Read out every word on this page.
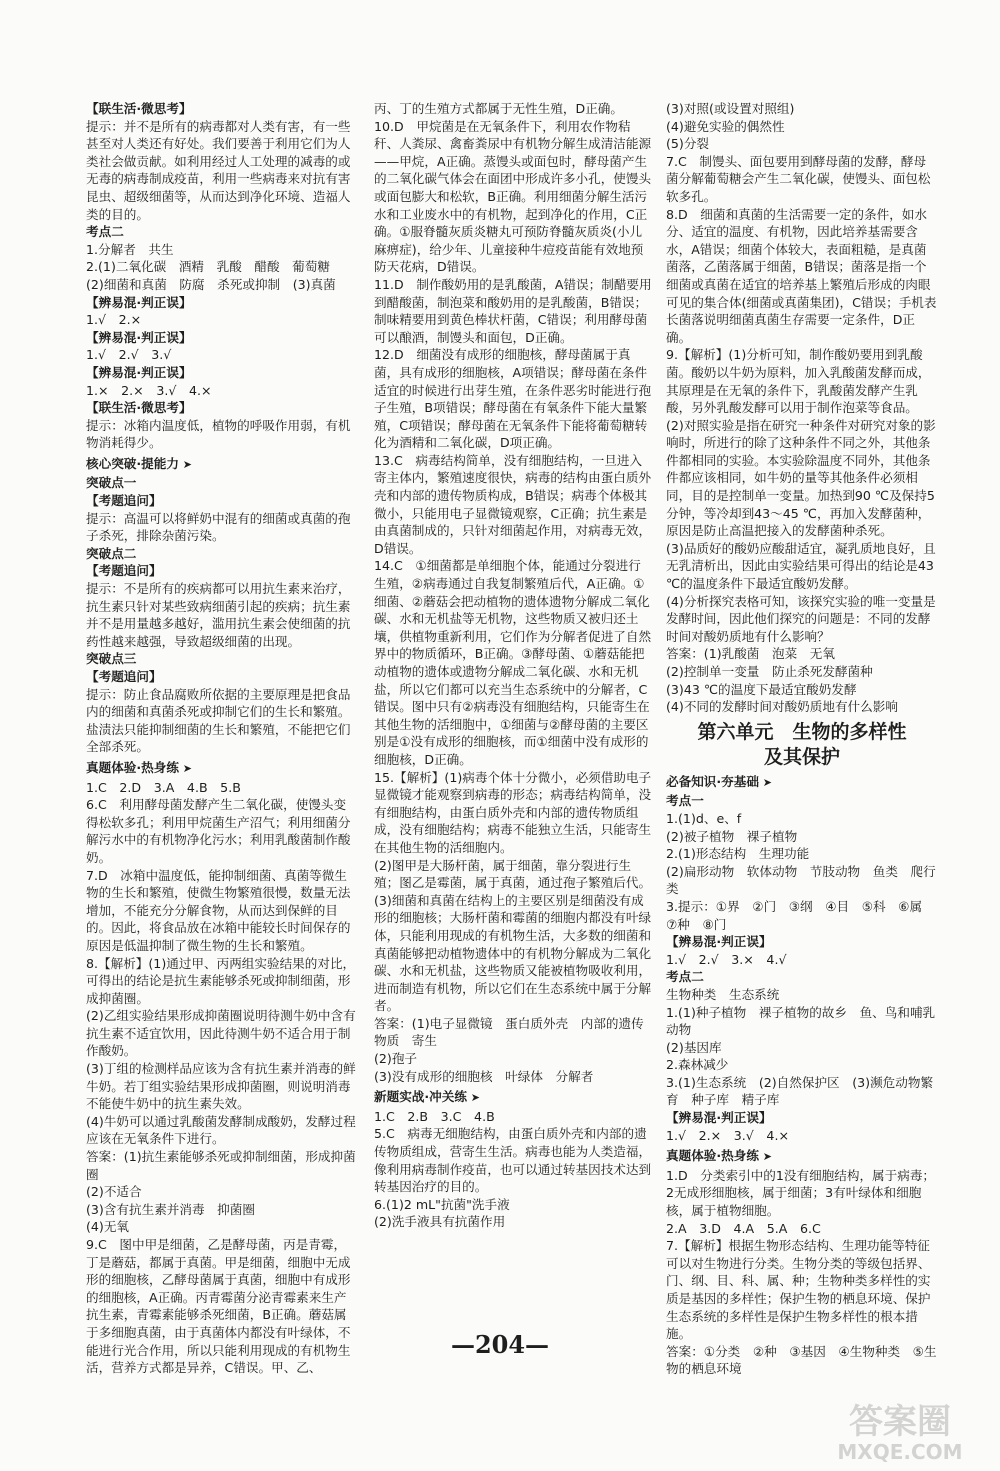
【联生活·微思考】
提示：并不是所有的病毒都对人类有害，有一些甚至对人类还有好处。我们要善于利用它们为人类社会做贡献。如利用经过人工处理的减毒的或无毒的病毒制成疫苗，利用一些病毒来对抗有害昆虫、超级细菌等，从而达到净化环境、造福人类的目的。
考点二
1.分解者　共生
2.(1)二氧化碳　酒精　乳酸　醋酸　葡萄糖　(2)细菌和真菌　防腐　杀死或抑制　(3)真菌
【辨易混·判正误】
1.√　2.×
【辨易混·判正误】
1.√　2.√　3.√
【辨易混·判正误】
1.×　2.×　3.√　4.×
【联生活·微思考】
提示：冰箱内温度低，植物的呼吸作用弱，有机物消耗得少。
核心突破·提能力 ➤
突破点一
【考题追问】
提示：高温可以将鲜奶中混有的细菌或真菌的孢子杀死，排除杂菌污染。
突破点二
【考题追问】
提示：不是所有的疾病都可以用抗生素来治疗，抗生素只针对某些致病细菌引起的疾病；抗生素并不是用量越多越好，滥用抗生素会使细菌的抗药性越来越强，导致超级细菌的出现。
突破点三
【考题追问】
提示：防止食品腐败所依据的主要原理是把食品内的细菌和真菌杀死或抑制它们的生长和繁殖。盐渍法只能抑制细菌的生长和繁殖，不能把它们全部杀死。
真题体验·热身练 ➤
1.C　2.D　3.A　4.B　5.B
6.C　利用酵母菌发酵产生二氧化碳，使馒头变得松软多孔；利用甲烷菌生产沼气；利用细菌分解污水中的有机物净化污水；利用乳酸菌制作酸奶。
7.D　冰箱中温度低，能抑制细菌、真菌等微生物的生长和繁殖，使微生物繁殖很慢，数量无法增加，不能充分分解食物，从而达到保鲜的目的。因此，将食品放在冰箱中能较长时间保存的原因是低温抑制了微生物的生长和繁殖。
8.【解析】(1)通过甲、丙两组实验结果的对比，可得出的结论是抗生素能够杀死或抑制细菌，形成抑菌圈。
(2)乙组实验结果形成抑菌圈说明待测牛奶中含有抗生素不适宜饮用，因此待测牛奶不适合用于制作酸奶。
(3)丁组的检测样品应该为含有抗生素并消毒的鲜牛奶。若丁组实验结果形成抑菌圈，则说明消毒不能使牛奶中的抗生素失效。
(4)牛奶可以通过乳酸菌发酵制成酸奶，发酵过程应该在无氧条件下进行。
答案：(1)抗生素能够杀死或抑制细菌，形成抑菌圈
(2)不适合
(3)含有抗生素并消毒　抑菌圈
(4)无氧
9.C　图中甲是细菌，乙是酵母菌，丙是青霉，丁是蘑菇，都属于真菌。甲是细菌，细胞中无成形的细胞核，乙酵母菌属于真菌，细胞中有成形的细胞核，A正确。丙青霉菌分泌青霉素来生产抗生素，青霉素能够杀死细菌，B正确。蘑菇属于多细胞真菌，由于真菌体内都没有叶绿体，不能进行光合作用，所以只能利用现成的有机物生活，营养方式都是异养，C错误。甲、乙、
丙、丁的生殖方式都属于无性生殖，D正确。
10.D　甲烷菌是在无氧条件下，利用农作物秸秆、人粪尿、禽畜粪尿中有机物分解生成清洁能源——甲烷，A正确。蒸馒头或面包时，酵母菌产生的二氧化碳气体会在面团中形成许多小孔，使馒头或面包膨大和松软，B正确。利用细菌分解生活污水和工业废水中的有机物，起到净化的作用，C正确。①服脊髓灰质炎糖丸可预防脊髓灰质炎(小儿麻痹症)，给少年、儿童接种牛痘疫苗能有效地预防天花病，D错误。
11.D　制作酸奶用的是乳酸菌，A错误；制醋要用到醋酸菌，制泡菜和酸奶用的是乳酸菌，B错误；制味精要用到黄色棒状杆菌，C错误；利用酵母菌可以酿酒，制馒头和面包，D正确。
12.D　细菌没有成形的细胞核，酵母菌属于真菌，具有成形的细胞核，A项错误；酵母菌在条件适宜的时候进行出芽生殖，在条件恶劣时能进行孢子生殖，B项错误；酵母菌在有氧条件下能大量繁殖，C项错误；酵母菌在无氧条件下能将葡萄糖转化为酒精和二氧化碳，D项正确。
13.C　病毒结构简单，没有细胞结构，一旦进入寄主体内，繁殖速度很快，病毒的结构由蛋白质外壳和内部的遗传物质构成，B错误；病毒个体极其微小，只能用电子显微镜观察，C正确；抗生素是由真菌制成的，只针对细菌起作用，对病毒无效，D错误。
14.C　①细菌都是单细胞个体，能通过分裂进行生殖，②病毒通过自我复制繁殖后代，A正确。①细菌、②蘑菇会把动植物的遗体遗物分解成二氧化碳、水和无机盐等无机物，这些物质又被归还土壤，供植物重新利用，它们作为分解者促进了自然界中的物质循环，B正确。③酵母菌、①蘑菇能把动植物的遗体或遗物分解成二氧化碳、水和无机盐，所以它们都可以充当生态系统中的分解者，C错误。图中只有②病毒没有细胞结构，只能寄生在其他生物的活细胞中，①细菌与②酵母菌的主要区别是①没有成形的细胞核，而①细菌中没有成形的细胞核，D正确。
15.【解析】(1)病毒个体十分微小，必须借助电子显微镜才能观察到病毒的形态；病毒结构简单，没有细胞结构，由蛋白质外壳和内部的遗传物质组成，没有细胞结构；病毒不能独立生活，只能寄生在其他生物的活细胞内。
(2)图甲是大肠杆菌，属于细菌，靠分裂进行生殖；图乙是霉菌，属于真菌，通过孢子繁殖后代。
(3)细菌和真菌在结构上的主要区别是细菌没有成形的细胞核；大肠杆菌和霉菌的细胞内都没有叶绿体，只能利用现成的有机物生活，大多数的细菌和真菌能够把动植物遗体中的有机物分解成为二氧化碳、水和无机盐，这些物质又能被植物吸收利用，进而制造有机物，所以它们在生态系统中属于分解者。
答案：(1)电子显微镜　蛋白质外壳　内部的遗传物质　寄生
(2)孢子
(3)没有成形的细胞核　叶绿体　分解者
新题实战·冲关练 ➤
1.C　2.B　3.C　4.B
5.C　病毒无细胞结构，由蛋白质外壳和内部的遗传物质组成，营寄生生活。病毒也能为人类造福，像利用病毒制作疫苗，也可以通过转基因技术达到转基因治疗的目的。
6.(1)2 mL"抗菌"洗手液
(2)洗手液具有抗菌作用
(3)对照(或设置对照组)
(4)避免实验的偶然性
(5)分裂
7.C　制馒头、面包要用到酵母菌的发酵，酵母菌分解葡萄糖会产生二氧化碳，使馒头、面包松软多孔。
8.D　细菌和真菌的生活需要一定的条件，如水分、适宜的温度、有机物，因此培养基需要含水，A错误；细菌个体较大，表面粗糙，是真菌菌落，乙菌落属于细菌，B错误；菌落是指一个细菌或真菌在适宜的培养基上繁殖后形成的肉眼可见的集合体(细菌或真菌集团)，C错误；手机表长菌落说明细菌真菌生存需要一定条件，D正确。
9.【解析】(1)分析可知，制作酸奶要用到乳酸菌。酸奶以牛奶为原料，加入乳酸菌发酵而成，其原理是在无氧的条件下，乳酸菌发酵产生乳酸，另外乳酸发酵可以用于制作泡菜等食品。
(2)对照实验是指在研究一种条件对研究对象的影响时，所进行的除了这种条件不同之外，其他条件都相同的实验。本实验除温度不同外，其他条件都应该相同，如牛奶的量等其他条件必须相同，目的是控制单一变量。加热到90 ℃及保持5分钟，等冷却到43～45 ℃，再加入发酵菌种，原因是防止高温把接入的发酵菌种杀死。
(3)品质好的酸奶应酸甜适宜，凝乳质地良好，且无乳清析出，因此由实验结果可得出的结论是43 ℃的温度条件下最适宜酸奶发酵。
(4)分析探究表格可知，该探究实验的唯一变量是发酵时间，因此他们探究的问题是：不同的发酵时间对酸奶质地有什么影响？
答案：(1)乳酸菌　泡菜　无氧
(2)控制单一变量　防止杀死发酵菌种
(3)43 ℃的温度下最适宜酸奶发酵
(4)不同的发酵时间对酸奶质地有什么影响
第六单元　生物的多样性
及其保护
必备知识·夯基础 ➤
考点一
1.(1)d、e、f
(2)被子植物　裸子植物
2.(1)形态结构　生理功能
(2)扁形动物　软体动物　节肢动物　鱼类　爬行类
3.提示：①界　②门　③纲　④目　⑤科　⑥属　⑦种　⑧门
【辨易混·判正误】
1.√　2.√　3.×　4.√
考点二
生物种类　生态系统
1.(1)种子植物　裸子植物的故乡　鱼、鸟和哺乳动物
(2)基因库
2.森林减少
3.(1)生态系统　(2)自然保护区　(3)濒危动物繁育　种子库　精子库
【辨易混·判正误】
1.√　2.×　3.√　4.×
真题体验·热身练 ➤
1.D　分类索引中的1没有细胞结构，属于病毒；2无成形细胞核，属于细菌；3有叶绿体和细胞核，属于植物细胞。
2.A　3.D　4.A　5.A　6.C
7.【解析】根据生物形态结构、生理功能等特征可以对生物进行分类。生物分类的等级包括界、门、纲、目、科、属、种；生物种类多样性的实质是基因的多样性；保护生物的栖息环境、保护生态系统的多样性是保护生物多样性的根本措施。
答案：①分类　②种　③基因　④生物种类　⑤生物的栖息环境
—204—
答案圈
MXQE.COM
